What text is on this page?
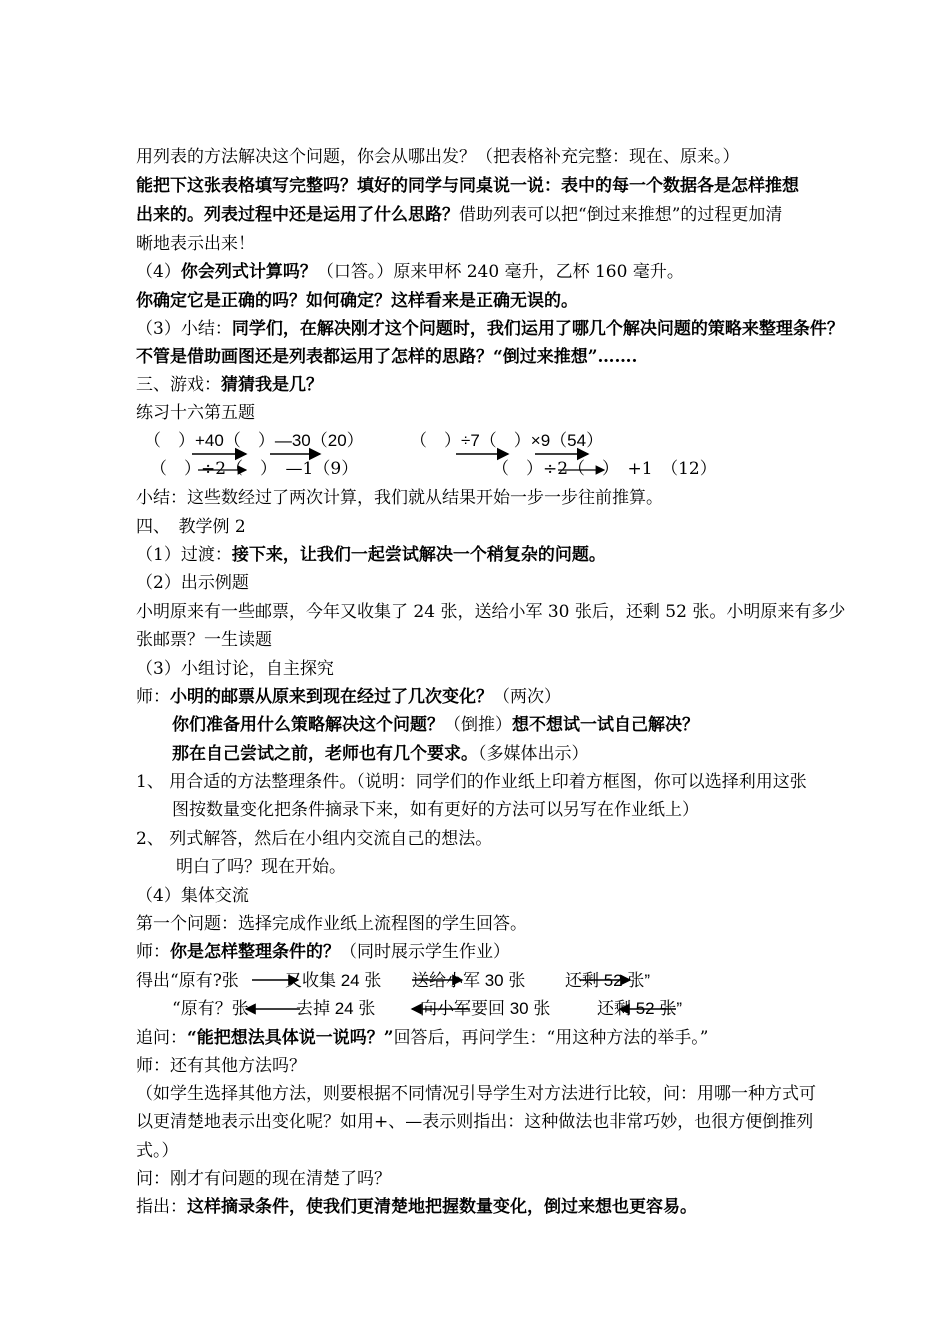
用列表的方法解决这个问题，你会从哪出发？（把表格补充完整：现在、原来。）
能把下这张表格填写完整吗？填好的同学与同桌说一说：表中的每一个数据各是怎样推想
出来的。列表过程中还是运用了什么思路？借助列表可以把“倒过来推想”的过程更加清
晰地表示出来！
（4）你会列式计算吗？（口答。）原来甲杯 240 毫升，乙杯 160 毫升。
你确定它是正确的吗？如何确定？这样看来是正确无误的。
（3）小结：同学们，在解决刚才这个问题时，我们运用了哪几个解决问题的策略来整理条件？
不管是借助画图还是列表都运用了怎样的思路？“倒过来推想”…….
三、游戏：猜猜我是几？
练习十六第五题
（　）+40（　）—30（20）	（　）÷7（　）×9（54）
（　）÷2（　）　—1（9）	（　）÷2（　）　+1　（12）
小结：这些数经过了两次计算，我们就从结果开始一步一步往前推算。
四、　教学例 2
（1）过渡：接下来，让我们一起尝试解决一个稍复杂的问题。
（2）出示例题
小明原来有一些邮票，今年又收集了 24 张，送给小军 30 张后，还剩 52 张。小明原来有多少
张邮票？一生读题
（3）小组讨论，自主探究
师：小明的邮票从原来到现在经过了几次变化？（两次）
你们准备用什么策略解决这个问题？（倒推）想不想试一试自己解决？
那在自己尝试之前，老师也有几个要求。（多媒体出示）
1、 用合适的方法整理条件。（说明：同学们的作业纸上印着方框图，你可以选择利用这张
图按数量变化把条件摘录下来，如有更好的方法可以另写在作业纸上）
2、 列式解答，然后在小组内交流自己的想法。
明白了吗？现在开始。
（4）集体交流
第一个问题：选择完成作业纸上流程图的学生回答。
师：你是怎样整理条件的？（同时展示学生作业）
得出“原有?张	又收集 24 张 送给小军 30 张 还剩 52 张”
“原有？张	去掉 24 张	向小军要回 30 张	还剩 52 张”
追问：“能把想法具体说一说吗？”回答后，再问学生：“用这种方法的举手。”
师：还有其他方法吗？
（如学生选择其他方法，则要根据不同情况引导学生对方法进行比较，问：用哪一种方式可
以更清楚地表示出变化呢？如用+、—表示则指出：这种做法也非常巧妙，也很方便倒推列
式。）
问：刚才有问题的现在清楚了吗？
指出：这样摘录条件，使我们更清楚地把握数量变化，倒过来想也更容易。
